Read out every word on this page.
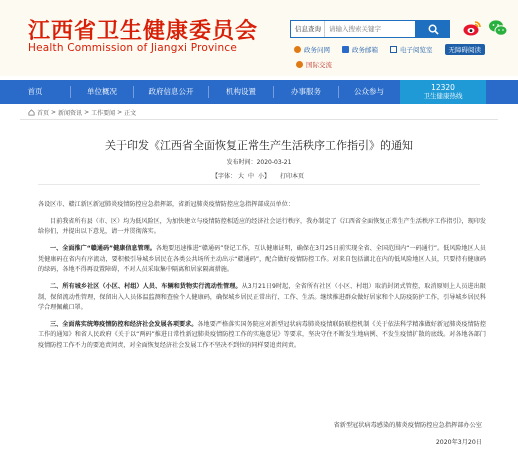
江西省卫生健康委员会
Health Commission of Jiangxi Province
信息查询
请输入搜索关键字
政务问网	政务邮箱	电子阅览室 无障碍阅读
国际交流
首页	单位概况	政府信息公开	机构设置	办事服务	公众参与	12320
卫生健康热线
首页 > 新闻资讯 > 工作要闻 > 正文
关于印发《江西省全面恢复正常生产生活秩序工作指引》的通知
发布时间：2020-03-21
【字体： 大 中 小】 打印本页

各设区市、赣江新区新冠肺炎疫情防控应急指挥部，省新冠肺炎疫情防控应急指挥部成员单位：

目前我省所有县（市、区）均为低风险区，为加快建立与疫情防控相适应的经济社会运行秩序，我办制定了《江西省全面恢复正常生产生活秩序工作指引》，现印发给你们，并提出以下意见，请一并贯彻落实。

一、全面推广“赣通码”健康信息管理。各地要迅速推进“赣通码”登记工作，互认健康证明，确保在3月25日前实现全省、全国范围内“一码通行”。低风险地区人员凭健康码在省内有序流动，要积极引导城乡居民在各类公共场所主动出示“赣通码”，配合做好疫情防控工作。对来自包括湖北在内的低风险地区人员，只要持有健康码的绿码，各地不得再设置障碍，不对人员采取集中隔离和居家隔离措施。

二、所有城乡社区（小区、村组）人员、车辆和货物实行流动性管理。从3月21日9时起，全省所有社区（小区、村组）取消封闭式管控，取消原则上人员进出限制，保留流动性管理，保留出入人员体温监测和查验个人健康码，确保城乡居民正常出行、工作、生活。继续推进群众做好居家和个人防疫防护工作，引导城乡居民科学合理佩戴口罩。

三、全面落实统筹疫情防控和经济社会发展各项要求。各地要严格落实国务院应对新型冠状病毒肺炎疫情联防联控机制《关于依法科学精准做好新冠肺炎疫情防控工作的通知》和省人民政府《关于以“两码”推进日常性新冠肺炎疫情防控工作的实施意见》等要求，坚决守住不断发生地病例、不发生疫情扩散的底线。对各地各部门疫情防控工作不力的要追责问责，对全面恢复经济社会发展工作不坚决不到位的同样要追责问责。

省新型冠状病毒感染的肺炎疫情防控应急指挥部办公室
2020年3月20日
